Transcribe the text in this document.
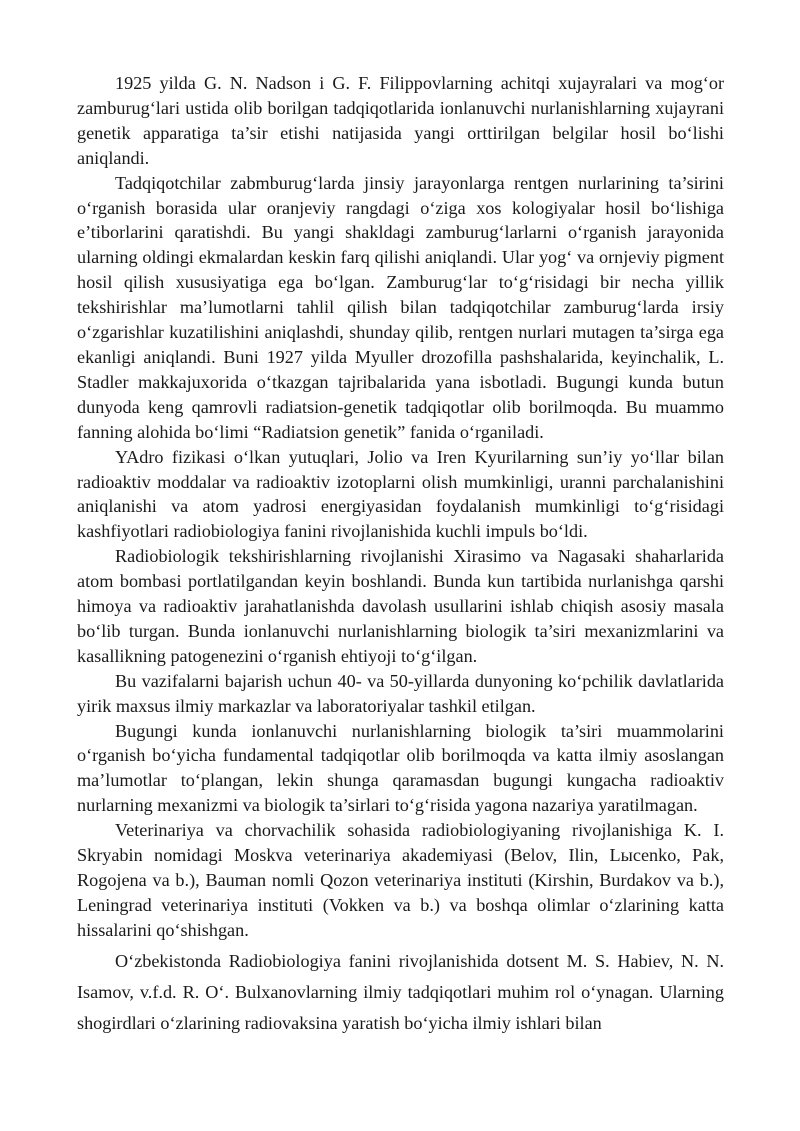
1925 yilda G. N. Nadson i G. F. Filippovlarning achitqi xujayralari va mog‘or zamburug‘lari ustida olib borilgan tadqiqotlarida ionlanuvchi nurlanishlarning xujayrani genetik apparatiga ta’sir etishi natijasida yangi orttirilgan belgilar hosil bo‘lishi aniqlandi.

Tadqiqotchilar zabmburug‘larda jinsiy jarayonlarga rentgen nurlarining ta’sirini o‘rganish borasida ular oranjeviy rangdagi o‘ziga xos kologiyalar hosil bo‘lishiga e’tiborlarini qaratishdi. Bu yangi shakldagi zamburug‘larlarni o‘rganish jarayonida ularning oldingi ekmalardan keskin farq qilishi aniqlandi. Ular yog‘ va ornjeviy pigment hosil qilish xususiyatiga ega bo‘lgan. Zamburug‘lar to‘g‘risidagi bir necha yillik tekshirishlar ma’lumotlarni tahlil qilish bilan tadqiqotchilar zamburug‘larda irsiy o‘zgarishlar kuzatilishini aniqlashdi, shunday qilib, rentgen nurlari mutagen ta’sirga ega ekanligi aniqlandi. Buni 1927 yilda Myuller drozofilla pashshalarida, keyinchalik, L. Stadler makkajuxorida o‘tkazgan tajribalarida yana isbotladi. Bugungi kunda butun dunyoda keng qamrovli radiatsion-genetik tadqiqotlar olib borilmoqda. Bu muammo fanning alohida bo‘limi “Radiatsion genetik” fanida o‘rganiladi.

YAdro fizikasi o‘lkan yutuqlari, Jolio va Iren Kyurilarning sun’iy yo‘llar bilan radioaktiv moddalar va radioaktiv izotoplarni olish mumkinligi, uranni parchalanishini aniqlanishi va atom yadrosi energiyasidan foydalanish mumkinligi to‘g‘risidagi kashfiyotlari radiobiologiya fanini rivojlanishida kuchli impuls bo‘ldi.

Radiobiologik tekshirishlarning rivojlanishi Xirasimo va Nagasaki shaharlarida atom bombasi portlatilgandan keyin boshlandi. Bunda kun tartibida nurlanishga qarshi himoya va radioaktiv jarahatlanishda davolash usullarini ishlab chiqish asosiy masala bo‘lib turgan. Bunda ionlanuvchi nurlanishlarning biologik ta’siri mexanizmlarini va kasallikning patogenezini o‘rganish ehtiyoji to‘g‘ilgan.

Bu vazifalarni bajarish uchun 40- va 50-yillarda dunyoning ko‘pchilik davlatlarida yirik maxsus ilmiy markazlar va laboratoriyalar tashkil etilgan.

Bugungi kunda ionlanuvchi nurlanishlarning biologik ta’siri muammolarini o‘rganish bo‘yicha fundamental tadqiqotlar olib borilmoqda va katta ilmiy asoslangan ma’lumotlar to‘plangan, lekin shunga qaramasdan bugungi kungacha radioaktiv nurlarning mexanizmi va biologik ta’sirlari to‘g‘risida yagona nazariya yaratilmagan.

Veterinariya va chorvachilik sohasida radiobiologiyaning rivojlanishiga K. I. Skryabin nomidagi Moskva veterinariya akademiyasi (Belov, Ilin, Lысenko, Pak, Rogojena va b.), Bauman nomli Qozon veterinariya instituti (Kirshin, Burdakov va b.), Leningrad veterinariya instituti (Vokken va b.) va boshqa olimlar o‘zlarining katta hissalarini qo‘shishgan.

O‘zbekistonda Radiobiologiya fanini rivojlanishida dotsent M. S. Habiev, N. N. Isamov, v.f.d. R. O‘. Bulxanovlarning ilmiy tadqiqotlari muhim rol o‘ynagan. Ularning shogirdlari o‘zlarining radiovaksina yaratish bo‘yicha ilmiy ishlari bilan
